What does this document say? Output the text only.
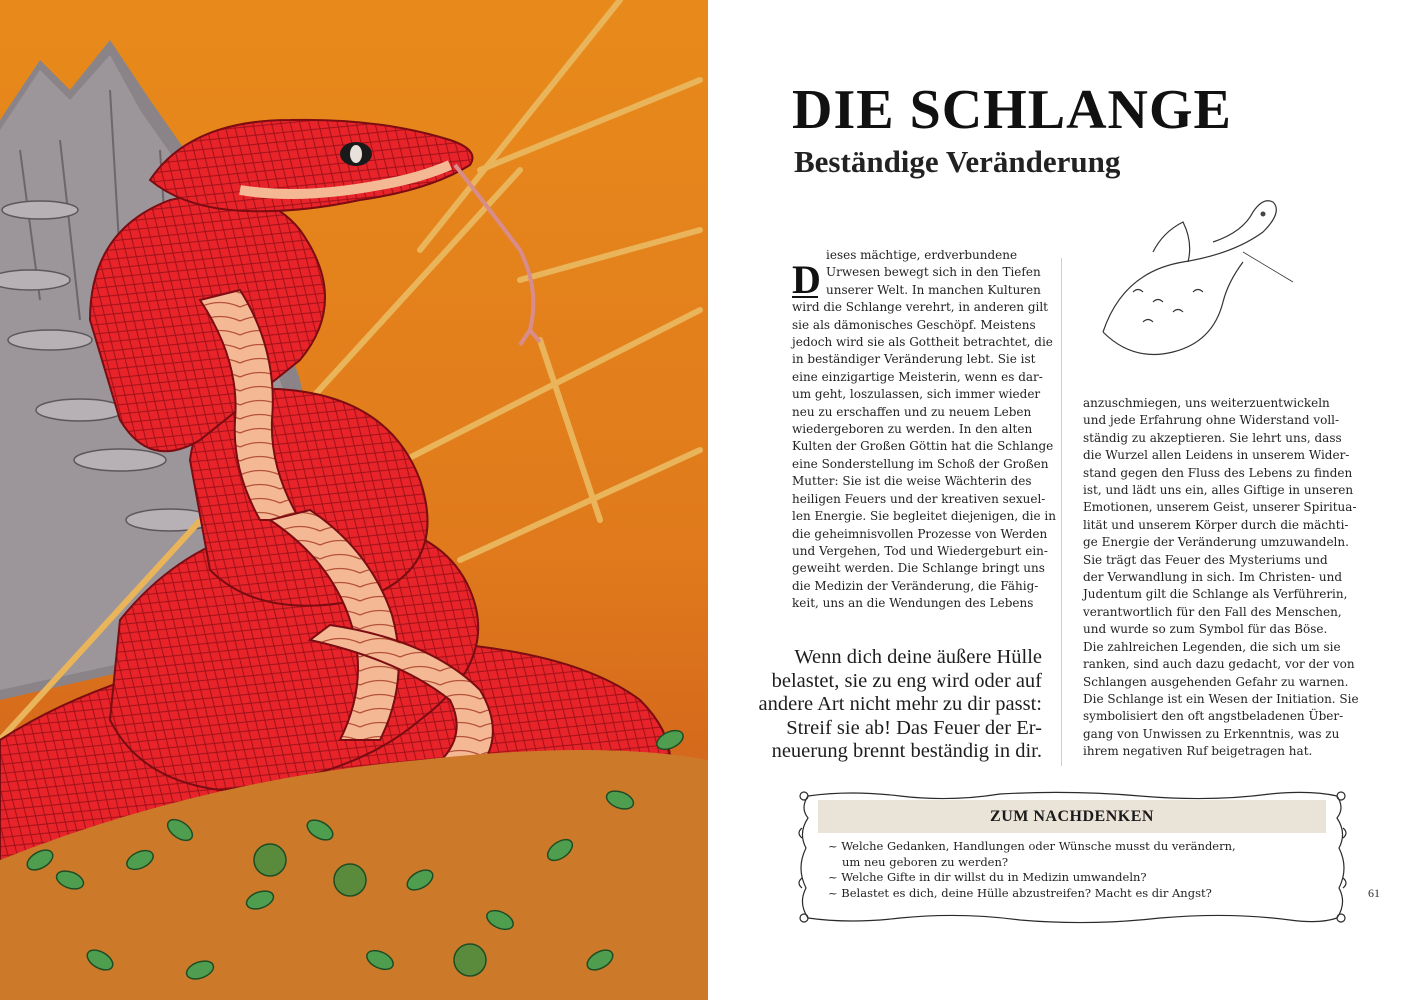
DIE SCHLANGE
Beständige Veränderung
D
ieses mächtige, erdverbundene
Urwesen bewegt sich in den Tiefen
unserer Welt. In manchen Kulturen
wird die Schlange verehrt, in anderen gilt
sie als dämonisches Geschöpf. Meistens
jedoch wird sie als Gottheit betrachtet, die
in beständiger Veränderung lebt. Sie ist
eine einzigartige Meisterin, wenn es dar-
um geht, loszulassen, sich immer wieder
neu zu erschaffen und zu neuem Leben
wiedergeboren zu werden. In den alten
Kulten der Großen Göttin hat die Schlange
eine Sonderstellung im Schoß der Großen
Mutter: Sie ist die weise Wächterin des
heiligen Feuers und der kreativen sexuel-
len Energie. Sie begleitet diejenigen, die in
die geheimnisvollen Prozesse von Werden
und Vergehen, Tod und Wiedergeburt ein-
geweiht werden. Die Schlange bringt uns
die Medizin der Veränderung, die Fähig-
keit, uns an die Wendungen des Lebens
anzuschmiegen, uns weiterzuentwickeln
und jede Erfahrung ohne Widerstand voll-
ständig zu akzeptieren. Sie lehrt uns, dass
die Wurzel allen Leidens in unserem Wider-
stand gegen den Fluss des Lebens zu finden
ist, und lädt uns ein, alles Giftige in unseren
Emotionen, unserem Geist, unserer Spiritua-
lität und unserem Körper durch die mächti-
ge Energie der Veränderung umzuwandeln.
Sie trägt das Feuer des Mysteriums und
der Verwandlung in sich. Im Christen- und
Judentum gilt die Schlange als Verführerin,
verantwortlich für den Fall des Menschen,
und wurde so zum Symbol für das Böse.
Die zahlreichen Legenden, die sich um sie
ranken, sind auch dazu gedacht, vor der von
Schlangen ausgehenden Gefahr zu warnen.
Die Schlange ist ein Wesen der Initiation. Sie
symbolisiert den oft angstbeladenen Über-
gang von Unwissen zu Erkenntnis, was zu
ihrem negativen Ruf beigetragen hat.
Wenn dich deine äußere Hülle
belastet, sie zu eng wird oder auf
andere Art nicht mehr zu dir passt:
Streif sie ab! Das Feuer der Er-
neuerung brennt beständig in dir.
ZUM NACHDENKEN
~ Welche Gedanken, Handlungen oder Wünsche musst du verändern,
um neu geboren zu werden?
~ Welche Gifte in dir willst du in Medizin umwandeln?
~ Belastet es dich, deine Hülle abzustreifen? Macht es dir Angst?	61
